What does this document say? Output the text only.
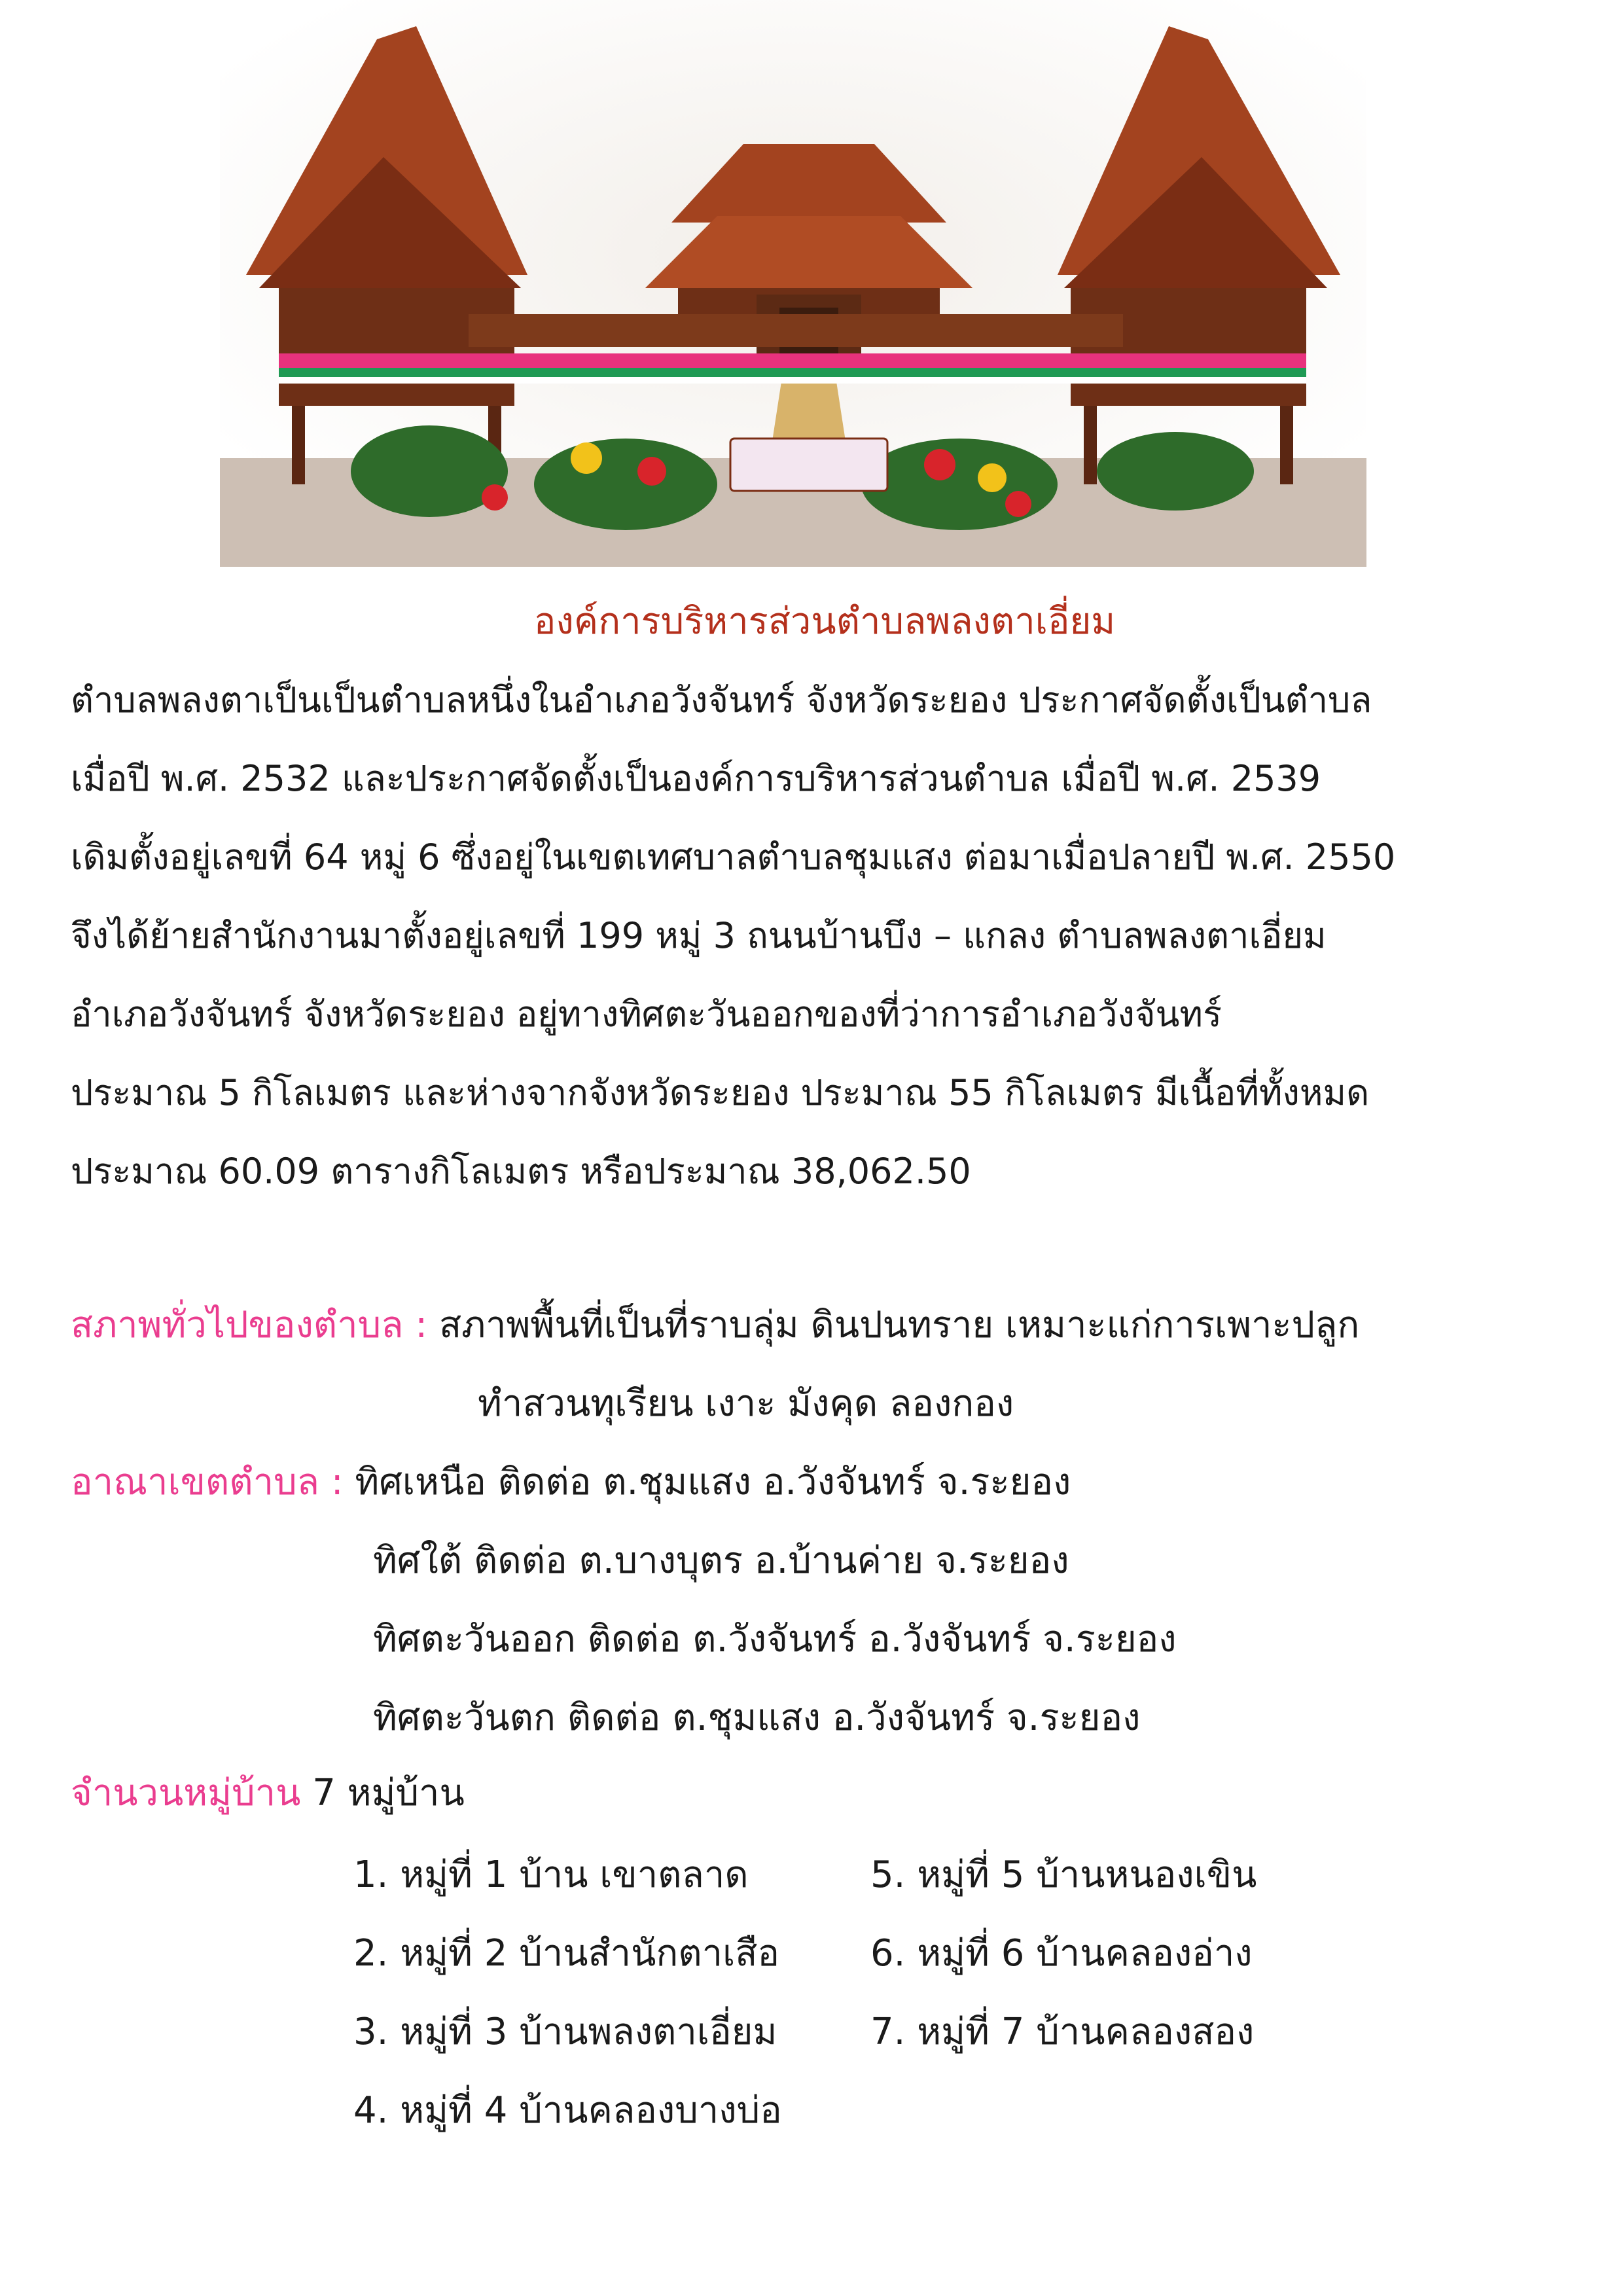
องค์การบริหารส่วนตำบลพลงตาเอี่ยม
ตำบลพลงตาเป็นเป็นตำบลหนึ่งในอำเภอวังจันทร์ จังหวัดระยอง ประกาศจัดตั้งเป็นตำบล
เมื่อปี พ.ศ. 2532 และประกาศจัดตั้งเป็นองค์การบริหารส่วนตำบล เมื่อปี พ.ศ. 2539
เดิมตั้งอยู่เลขที่ 64 หมู่ 6 ซึ่งอยู่ในเขตเทศบาลตำบลชุมแสง ต่อมาเมื่อปลายปี พ.ศ. 2550
จึงได้ย้ายสำนักงานมาตั้งอยู่เลขที่ 199 หมู่ 3 ถนนบ้านบึง – แกลง ตำบลพลงตาเอี่ยม
อำเภอวังจันทร์ จังหวัดระยอง อยู่ทางทิศตะวันออกของที่ว่าการอำเภอวังจันทร์
ประมาณ 5 กิโลเมตร และห่างจากจังหวัดระยอง ประมาณ 55 กิโลเมตร มีเนื้อที่ทั้งหมด
ประมาณ 60.09 ตารางกิโลเมตร หรือประมาณ 38,062.50
สภาพทั่วไปของตำบล : สภาพพื้นที่เป็นที่ราบลุ่ม ดินปนทราย เหมาะแก่การเพาะปลูก
ทำสวนทุเรียน เงาะ มังคุด ลองกอง
อาณาเขตตำบล : ทิศเหนือ ติดต่อ ต.ชุมแสง อ.วังจันทร์ จ.ระยอง
ทิศใต้ ติดต่อ ต.บางบุตร อ.บ้านค่าย จ.ระยอง
ทิศตะวันออก ติดต่อ ต.วังจันทร์ อ.วังจันทร์ จ.ระยอง
ทิศตะวันตก ติดต่อ ต.ชุมแสง อ.วังจันทร์ จ.ระยอง
จำนวนหมู่บ้าน 7 หมู่บ้าน
1. หมู่ที่ 1 บ้าน เขาตลาด
2. หมู่ที่ 2 บ้านสำนักตาเสือ
3. หมู่ที่ 3 บ้านพลงตาเอี่ยม
4. หมู่ที่ 4 บ้านคลองบางบ่อ
5. หมู่ที่ 5 บ้านหนองเขิน
6. หมู่ที่ 6 บ้านคลองอ่าง
7. หมู่ที่ 7 บ้านคลองสอง
